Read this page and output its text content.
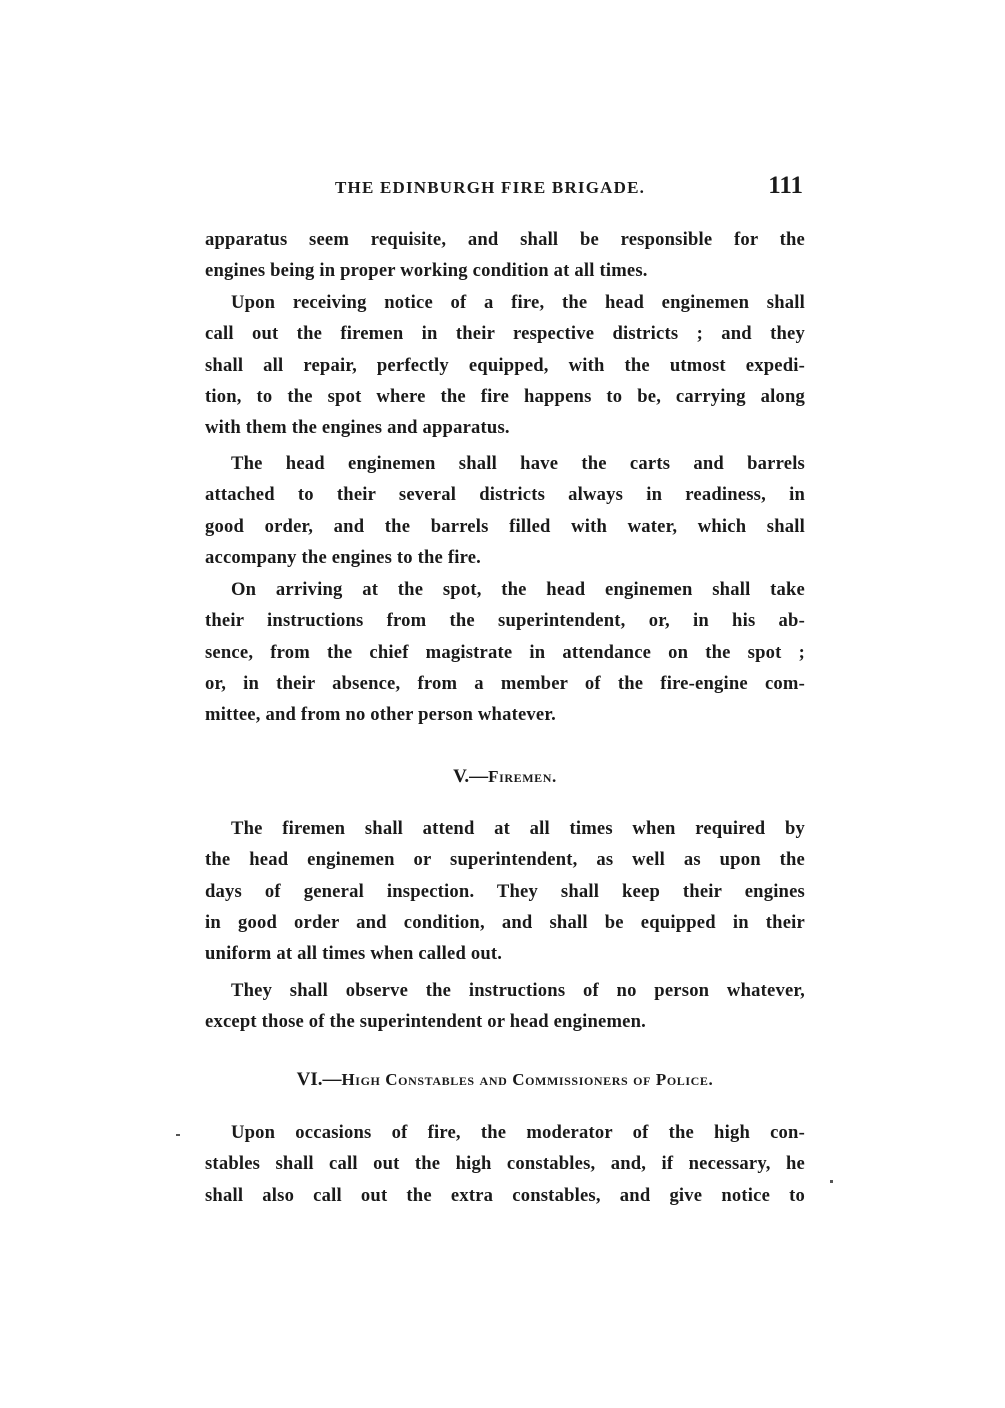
THE EDINBURGH FIRE BRIGADE.	111

apparatus seem requisite, and shall be responsible for the
engines being in proper working condition at all times.

Upon receiving notice of a fire, the head enginemen shall
call out the firemen in their respective districts ; and they
shall all repair, perfectly equipped, with the utmost expedi-
tion, to the spot where the fire happens to be, carrying along
with them the engines and apparatus.

The head enginemen shall have the carts and barrels
attached to their several districts always in readiness, in
good order, and the barrels filled with water, which shall
accompany the engines to the fire.

On arriving at the spot, the head enginemen shall take
their instructions from the superintendent, or, in his ab-
sence, from the chief magistrate in attendance on the spot ;
or, in their absence, from a member of the fire-engine com-
mittee, and from no other person whatever.

V.—Firemen.

The firemen shall attend at all times when required by
the head enginemen or superintendent, as well as upon the
days of general inspection. They shall keep their engines
in good order and condition, and shall be equipped in their
uniform at all times when called out.

They shall observe the instructions of no person whatever,
except those of the superintendent or head enginemen.

VI.—High Constables and Commissioners of Police.

Upon occasions of fire, the moderator of the high con-
stables shall call out the high constables, and, if necessary, he
shall also call out the extra constables, and give notice to
